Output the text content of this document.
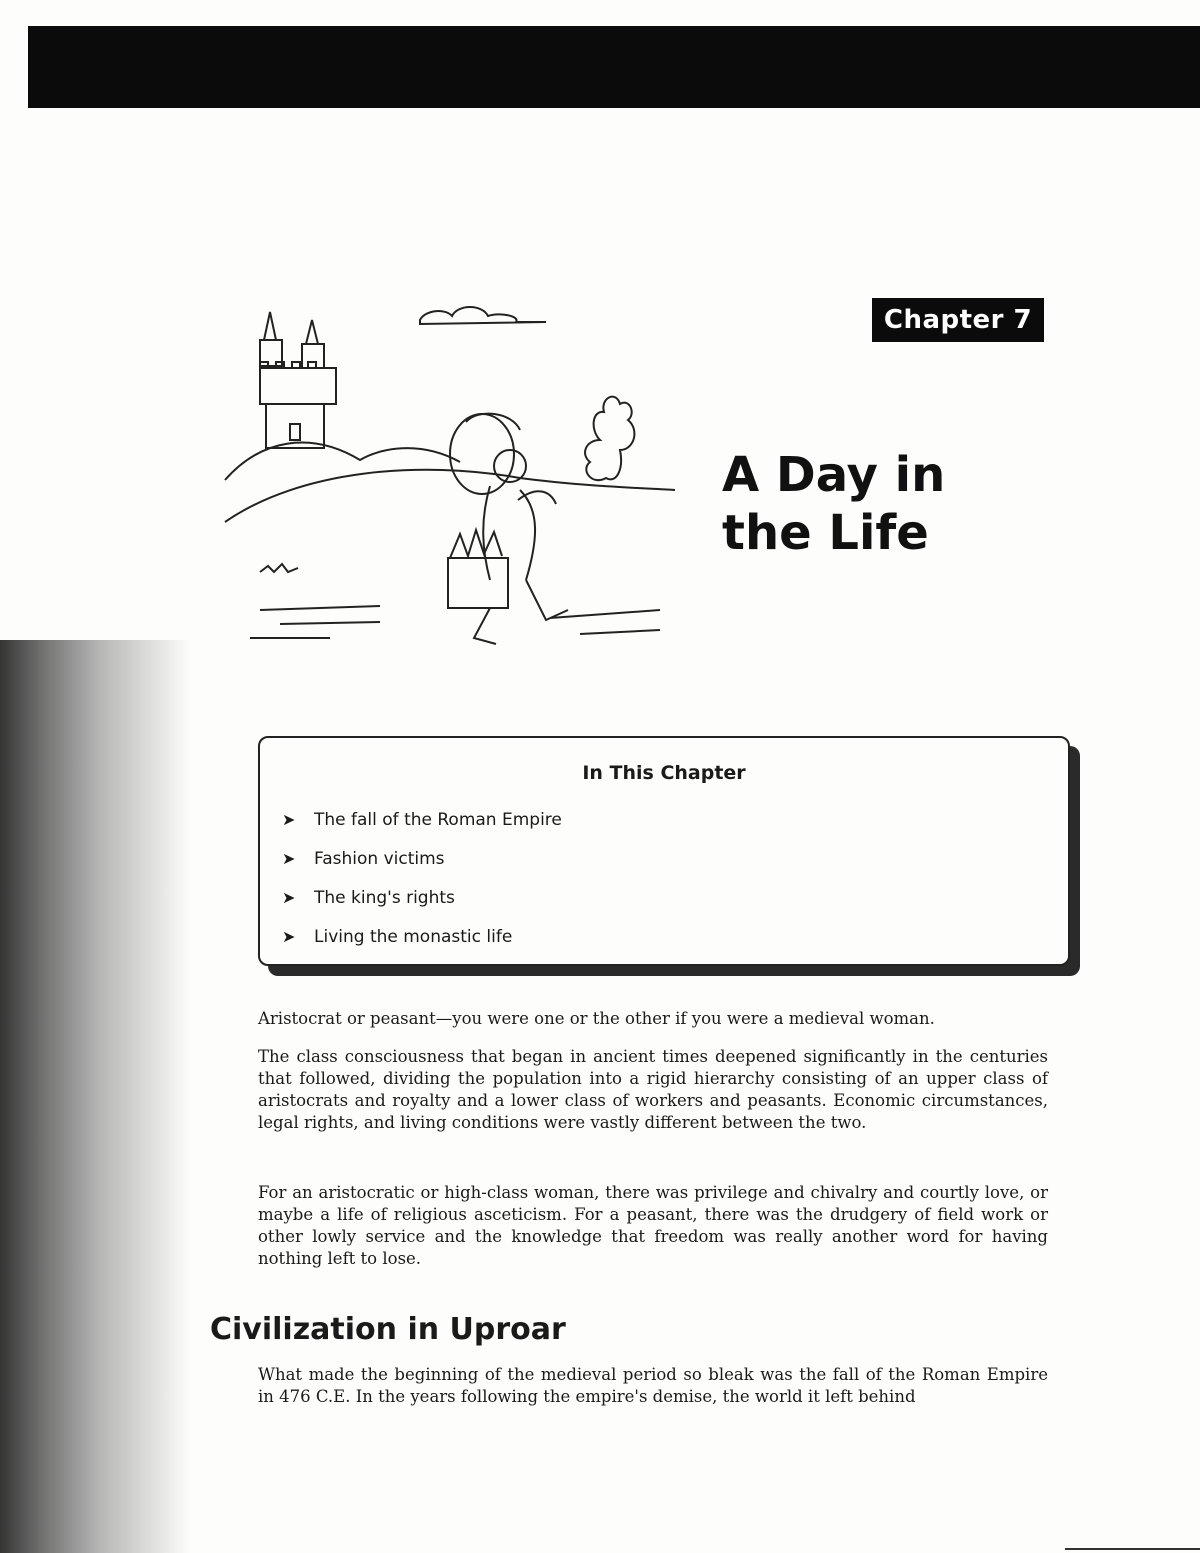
Chapter 7
A Day in
the Life
In This Chapter
➤	The fall of the Roman Empire
➤	Fashion victims
➤	The king's rights
➤	Living the monastic life

Aristocrat or peasant—you were one or the other if you were a medieval woman.

The class consciousness that began in ancient times deepened significantly in the centuries that followed, dividing the population into a rigid hierarchy consisting of an upper class of aristocrats and royalty and a lower class of workers and peasants. Economic circumstances, legal rights, and living conditions were vastly different between the two.

For an aristocratic or high-class woman, there was privilege and chivalry and courtly love, or maybe a life of religious asceticism. For a peasant, there was the drudgery of field work or other lowly service and the knowledge that freedom was really another word for having nothing left to lose.

Civilization in Uproar

What made the beginning of the medieval period so bleak was the fall of the Roman Empire in 476 C.E. In the years following the empire's demise, the world it left behind
